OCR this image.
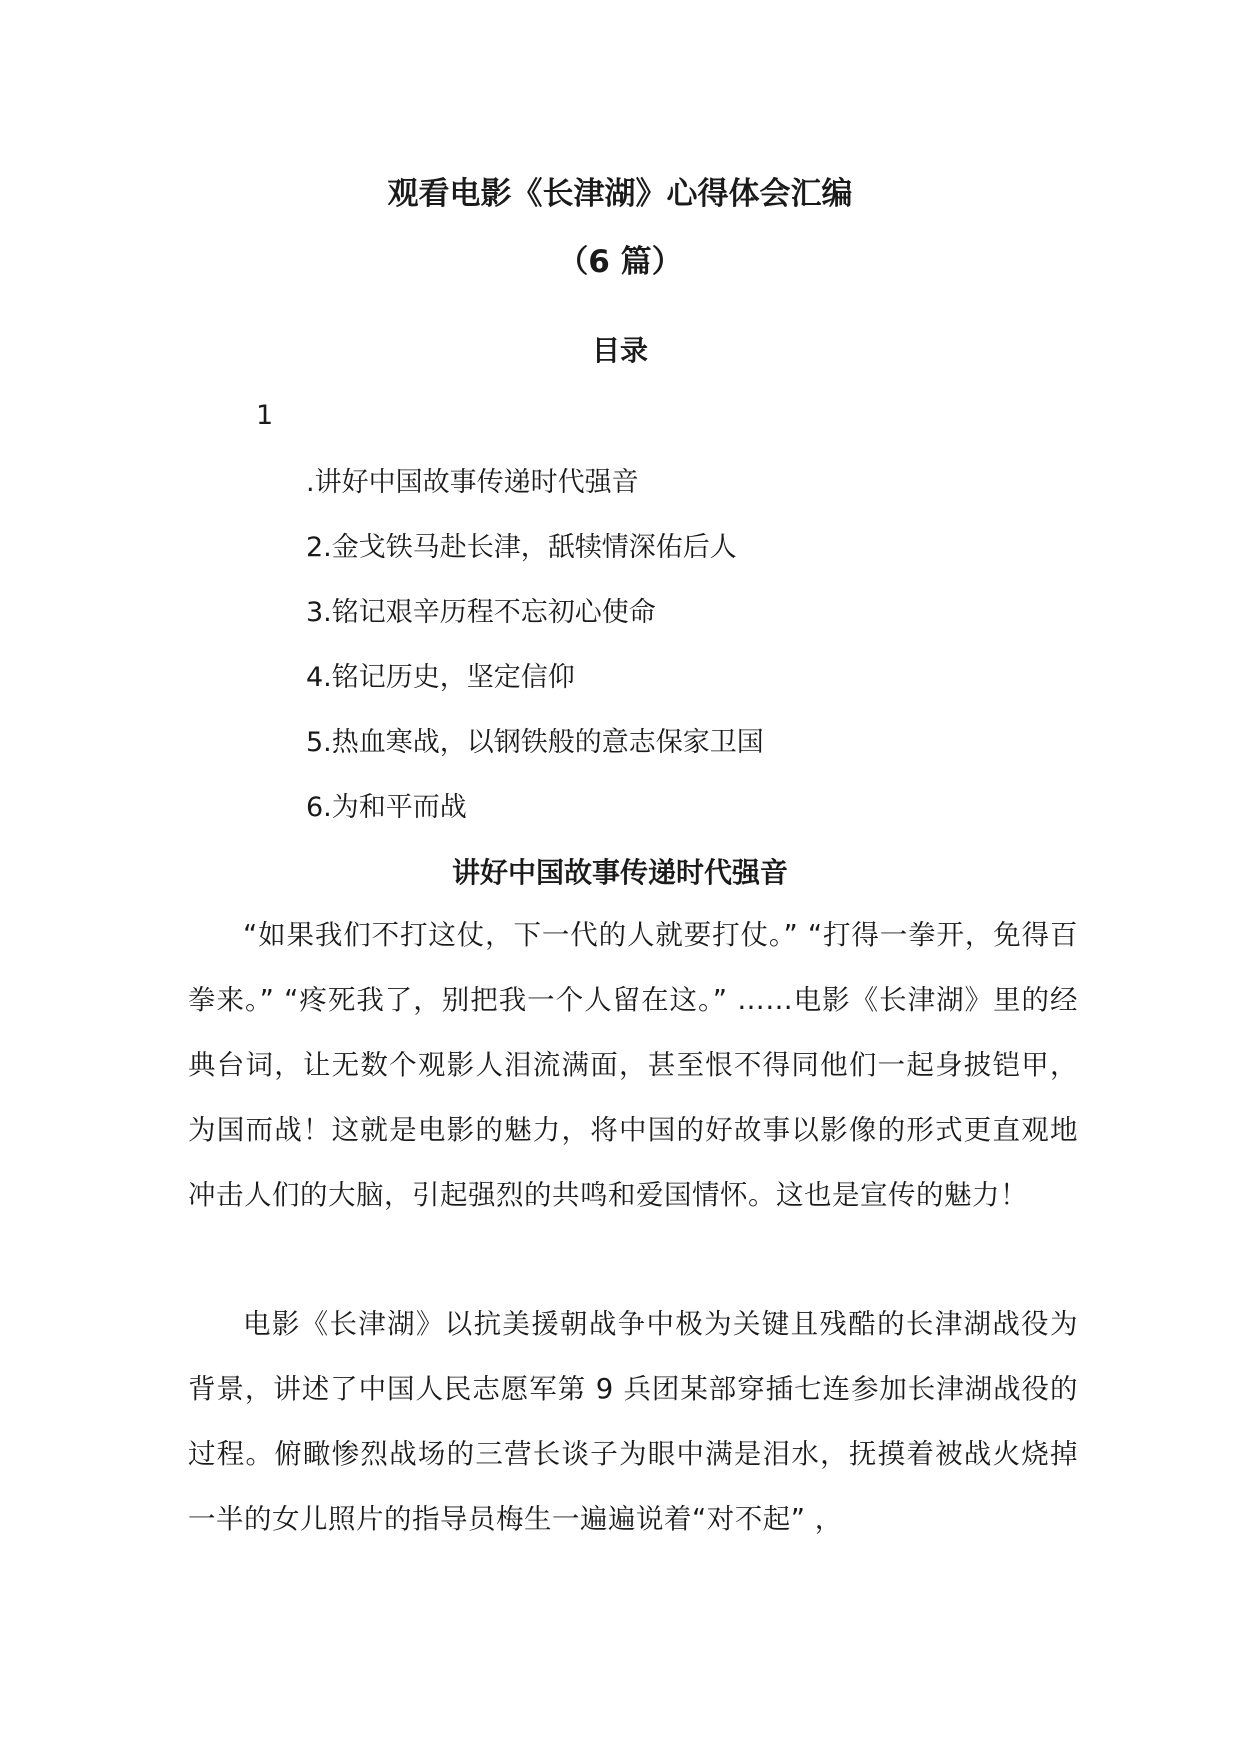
观看电影《长津湖》心得体会汇编
（6 篇）
目录
1
.讲好中国故事传递时代强音
2.金戈铁马赴长津，舐犊情深佑后人
3.铭记艰辛历程不忘初心使命
4.铭记历史，坚定信仰
5.热血寒战，以钢铁般的意志保家卫国
6.为和平而战
讲好中国故事传递时代强音

“如果我们不打这仗，下一代的人就要打仗。” “打得一拳开，免得百拳来。” “疼死我了，别把我一个人留在这。” ……电影《长津湖》里的经典台词，让无数个观影人泪流满面，甚至恨不得同他们一起身披铠甲，为国而战！这就是电影的魅力，将中国的好故事以影像的形式更直观地冲击人们的大脑，引起强烈的共鸣和爱国情怀。这也是宣传的魅力！

电影《长津湖》以抗美援朝战争中极为关键且残酷的长津湖战役为背景，讲述了中国人民志愿军第 9 兵团某部穿插七连参加长津湖战役的过程。俯瞰惨烈战场的三营长谈子为眼中满是泪水，抚摸着被战火烧掉一半的女儿照片的指导员梅生一遍遍说着“对不起” ，
